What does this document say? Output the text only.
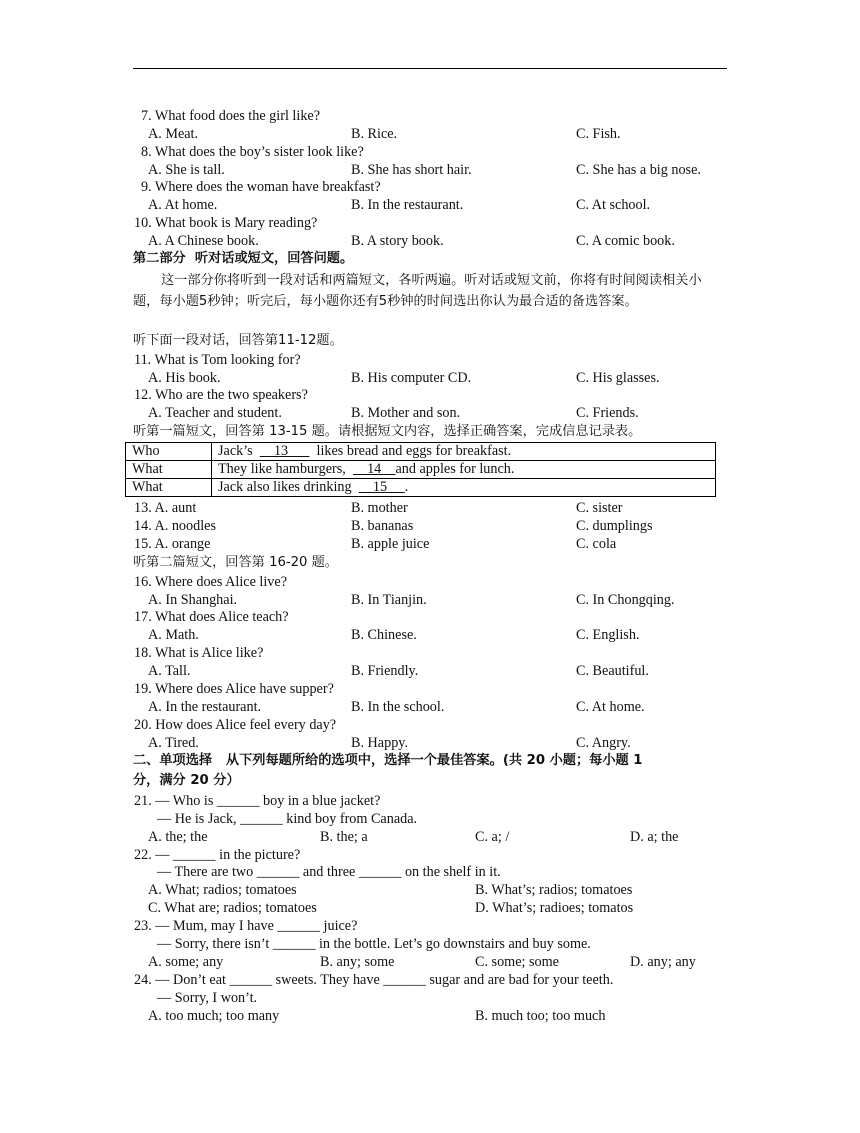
7. What food does the girl like?
A. Meat.	B. Rice.	C. Fish.
8. What does the boy’s sister look like?
A. She is tall.	B. She has short hair.	C. She has a big nose.
9. Where does the woman have breakfast?
A. At home.	B. In the restaurant.	C. At school.
10. What book is Mary reading?
A. A Chinese book.	B. A story book.	C. A comic book.
第二部分  听对话或短文，回答问题。
这一部分你将听到一段对话和两篇短文，各听两遍。听对话或短文前，你将有时间阅读相关小题，每小题5秒钟；听完后，每小题你还有5秒钟的时间选出你认为最合适的备选答案。
听下面一段对话，回答第11-12题。
11. What is Tom looking for?
A. His book.	B. His computer CD.	C. His glasses.
12. Who are the two speakers?
A. Teacher and student.	B. Mother and son.	C. Friends.
听第一篇短文，回答第 13-15 题。请根据短文内容，选择正确答案，完成信息记录表。
Who	Jack’s      13        likes bread and eggs for breakfast.
What	They like hamburgers,      14    and apples for lunch.
What	Jack also likes drinking      15     .
13. A. aunt	B. mother	C. sister
14. A. noodles	B. bananas	C. dumplings
15. A. orange	B. apple juice	C. cola
听第二篇短文，回答第 16-20 题。
16. Where does Alice live?
A. In Shanghai.	B. In Tianjin.	C. In Chongqing.
17. What does Alice teach?
A. Math.	B. Chinese.	C. English.
18. What is Alice like?
A. Tall.	B. Friendly.	C. Beautiful.
19. Where does Alice have supper?
A. In the restaurant.	B. In the school.	C. At home.
20. How does Alice feel every day?
A. Tired.	B. Happy.	C. Angry.
二、单项选择   从下列每题所给的选项中，选择一个最佳答案。(共 20 小题；每小题 1
分，满分 20 分）
21. — Who is ______ boy in a blue jacket?
— He is Jack, ______ kind boy from Canada.
A. the; the	B. the; a	C. a; /	D. a; the
22. — ______ in the picture?
— There are two ______ and three ______ on the shelf in it.
A. What; radios; tomatoes	B. What’s; radios; tomatoes
C. What are; radios; tomatoes	D. What’s; radioes; tomatos
23. — Mum, may I have ______ juice?
— Sorry, there isn’t ______ in the bottle. Let’s go downstairs and buy some.
A. some; any	B. any; some	C. some; some	D. any; any
24. — Don’t eat ______ sweets. They have ______ sugar and are bad for your teeth.
— Sorry, I won’t.
A. too much; too many	B. much too; too much
